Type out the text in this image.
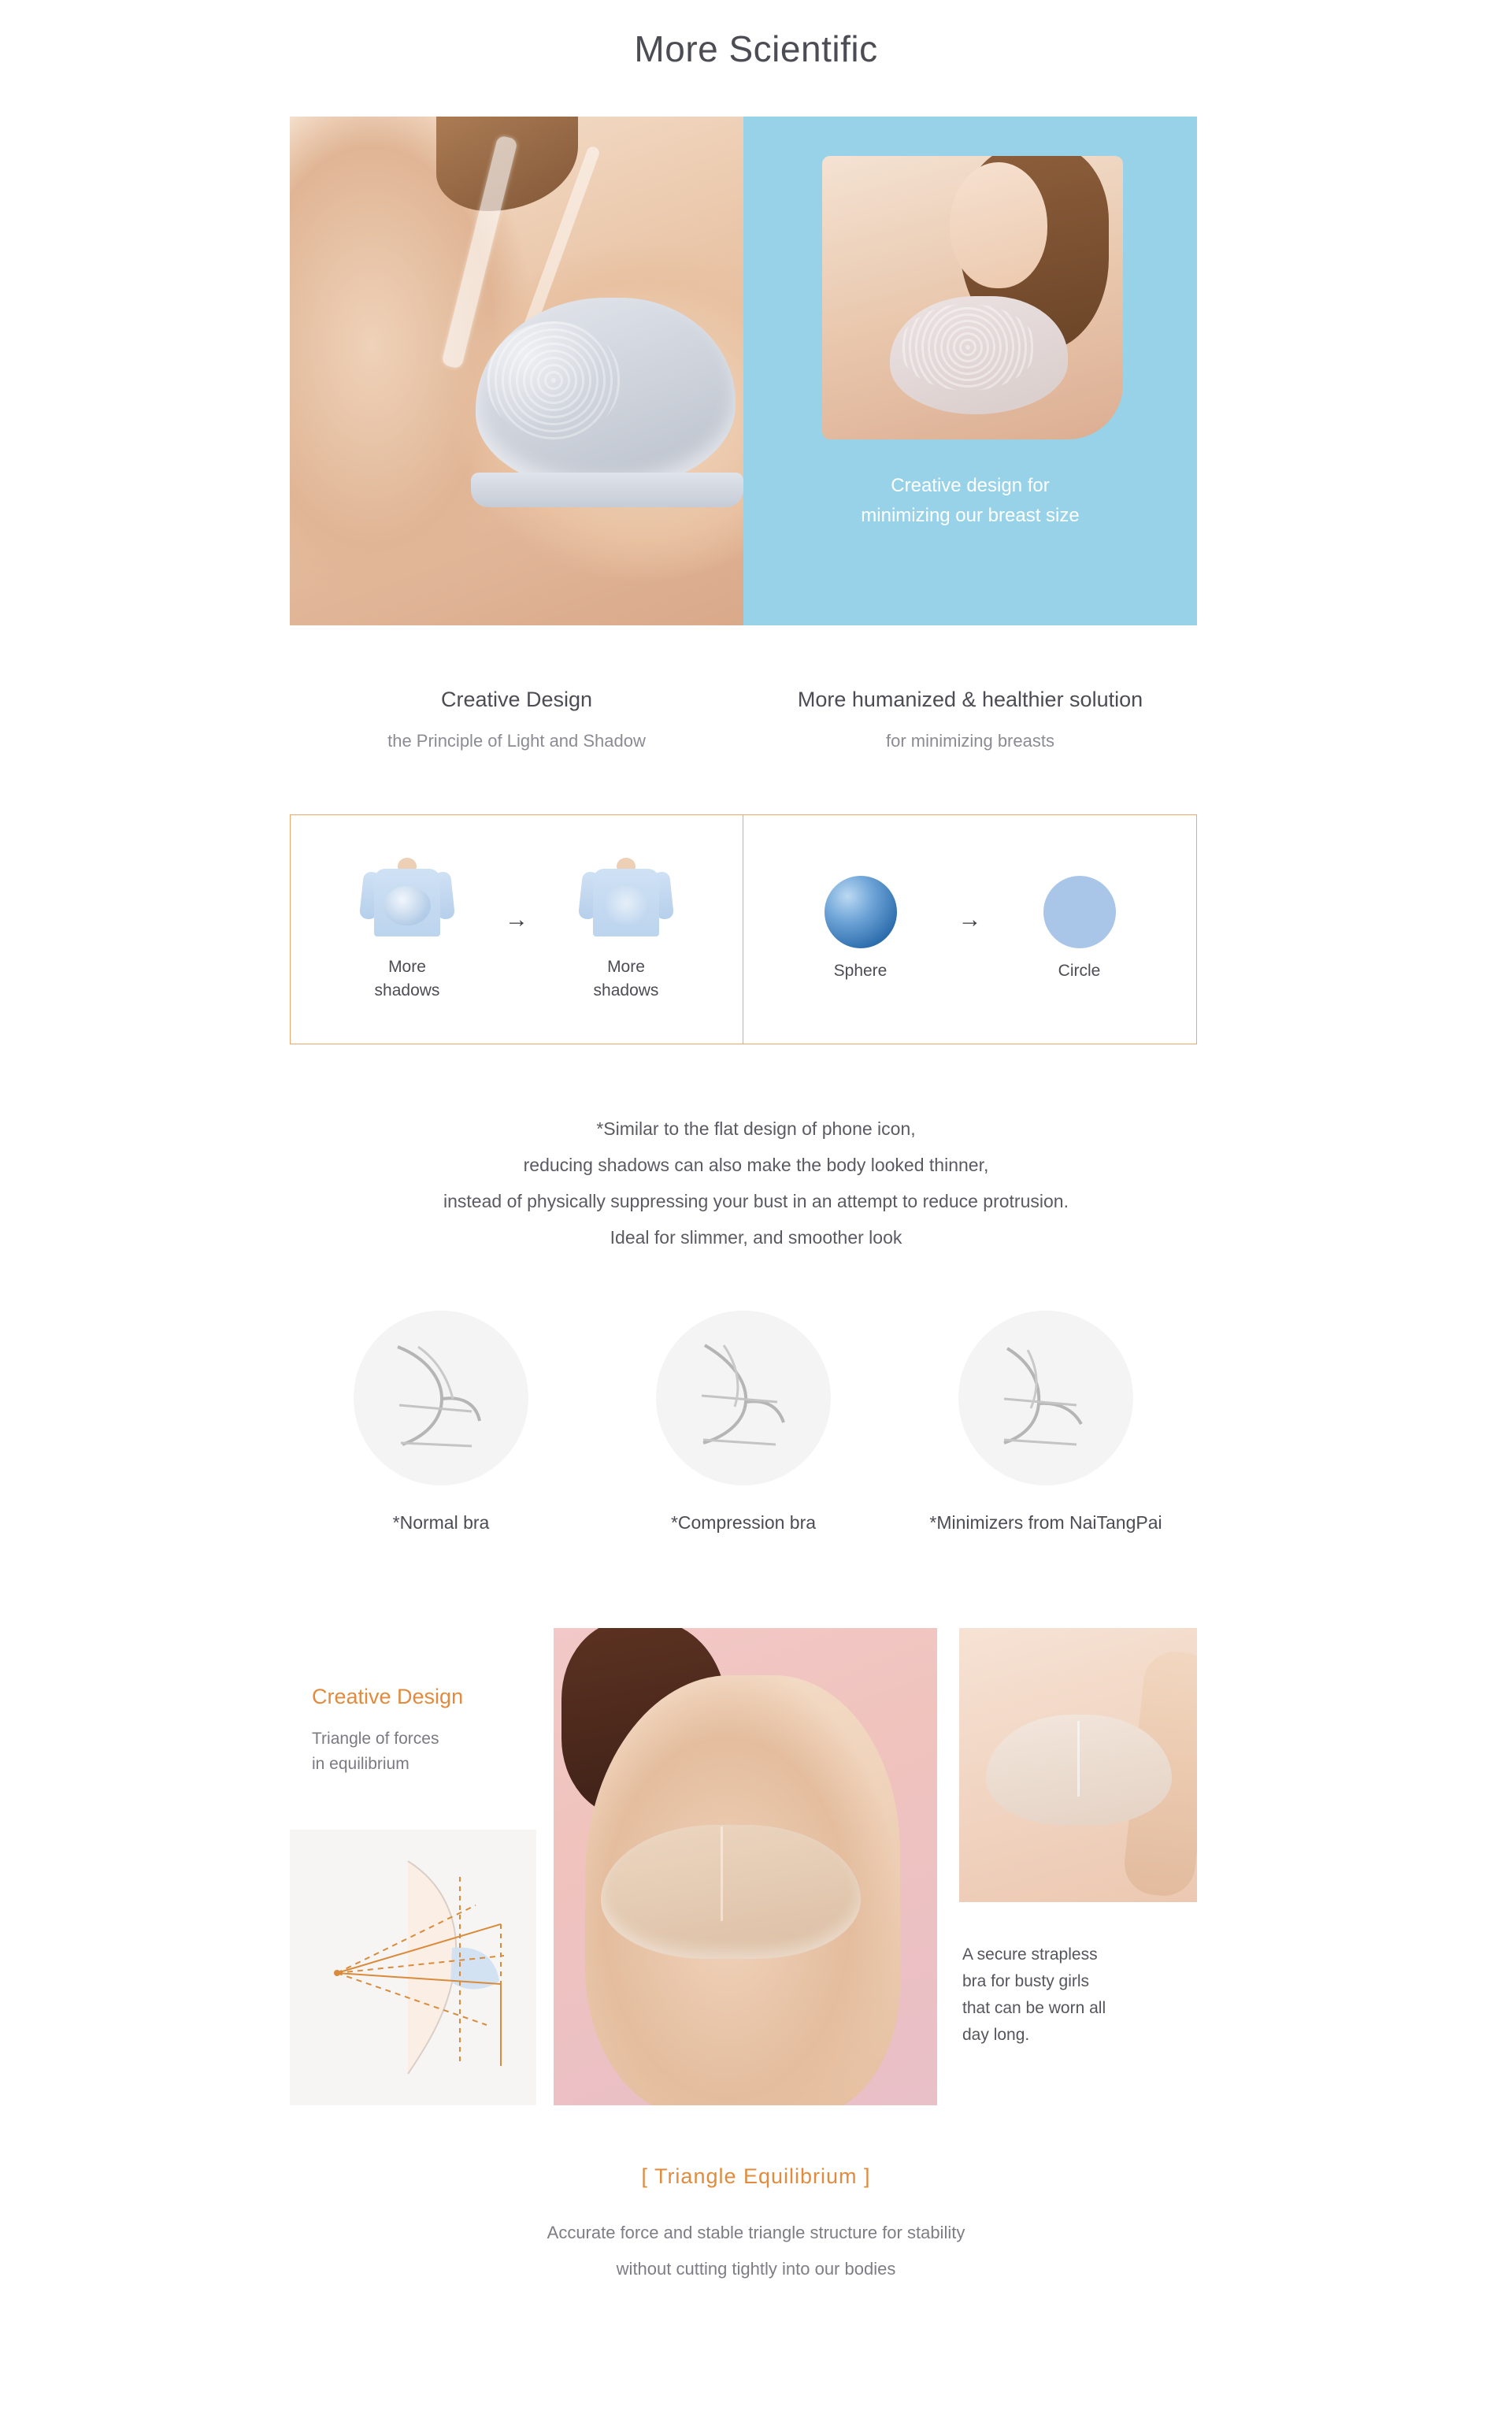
More Scientific
Creative design for
minimizing our breast size
Creative Design
the Principle of Light and Shadow
More humanized & healthier solution
for minimizing breasts
More
shadows
→
More
shadows
Sphere
→
Circle
*Similar to the flat design of phone icon,
reducing shadows can also make the body looked thinner,
instead of physically suppressing your bust in an attempt to reduce protrusion.
Ideal for slimmer, and smoother look
*Normal bra	*Compression bra	*Minimizers from NaiTangPai
Creative Design
Triangle of forces
in equilibrium
A secure strapless
bra for busty girls
that can be worn all
day long.
[ Triangle Equilibrium ]
Accurate force and stable triangle structure for stability
without cutting tightly into our bodies
